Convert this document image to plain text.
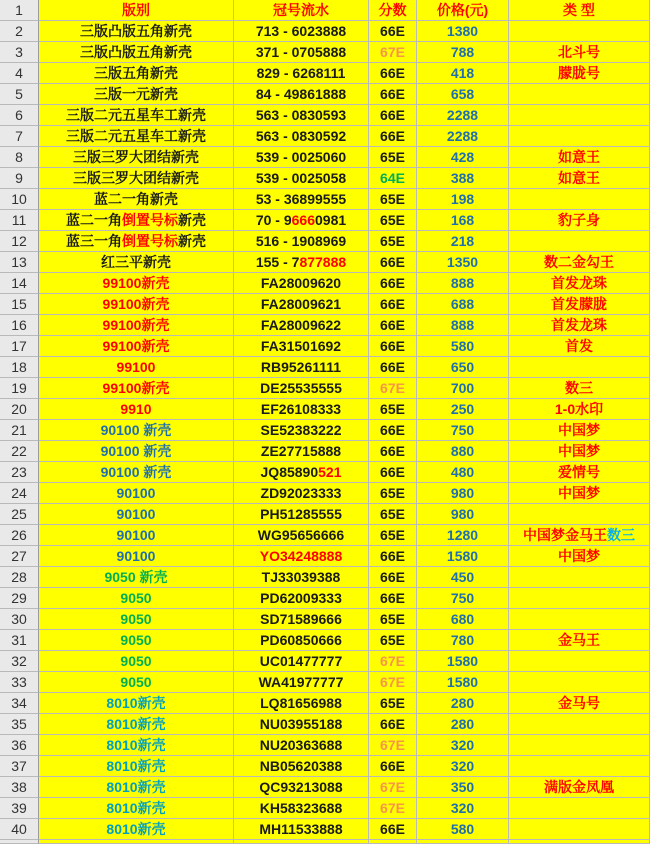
1	版别	冠号流水	分数	价格(元)	类 型
2	三版凸版五角新壳	713 - 6023888	66E	1380
3	三版凸版五角新壳	371 - 0705888	67E	788	北斗号
4	三版五角新壳	829 - 6268111	66E	418	朦胧号
5	三版一元新壳	84 - 49861888	66E	658
6	三版二元五星车工新壳	563 - 0830593	66E	2288
7	三版二元五星车工新壳	563 - 0830592	66E	2288
8	三版三罗大团结新壳	539 - 0025060	65E	428	如意王
9	三版三罗大团结新壳	539 - 0025058	64E	388	如意王
10	蓝二一角新壳	53 - 36899555	65E	198
11	蓝二一角倒置号标新壳	70 - 96660981	65E	168	豹子身
12	蓝三一角倒置号标新壳	516 - 1908969	65E	218
13	红三平新壳	155 - 7877888	66E	1350	数二金勾王
14	99100新壳	FA28009620	66E	888	首发龙珠
15	99100新壳	FA28009621	66E	688	首发朦胧
16	99100新壳	FA28009622	66E	888	首发龙珠
17	99100新壳	FA31501692	66E	580	首发
18	99100	RB95261111	66E	650
19	99100新壳	DE25535555	67E	700	数三
20	9910	EF26108333	65E	250	1-0水印
21	90100 新壳	SE52383222	66E	750	中国梦
22	90100 新壳	ZE27715888	66E	880	中国梦
23	90100 新壳	JQ85890521	66E	480	爱情号
24	90100	ZD92023333	65E	980	中国梦
25	90100	PH51285555	65E	980
26	90100	WG95656666	65E	1280	中国梦金马王数三
27	90100	YO34248888	66E	1580	中国梦
28	9050 新壳	TJ33039388	66E	450
29	9050	PD62009333	66E	750
30	9050	SD71589666	65E	680
31	9050	PD60850666	65E	780	金马王
32	9050	UC01477777	67E	1580
33	9050	WA41977777	67E	1580
34	8010新壳	LQ81656988	65E	280	金马号
35	8010新壳	NU03955188	66E	280
36	8010新壳	NU20363688	67E	320
37	8010新壳	NB05620388	66E	320
38	8010新壳	QC93213088	67E	350	满版金凤凰
39	8010新壳	KH58323688	67E	320
40	8010新壳	MH11533888	66E	580
